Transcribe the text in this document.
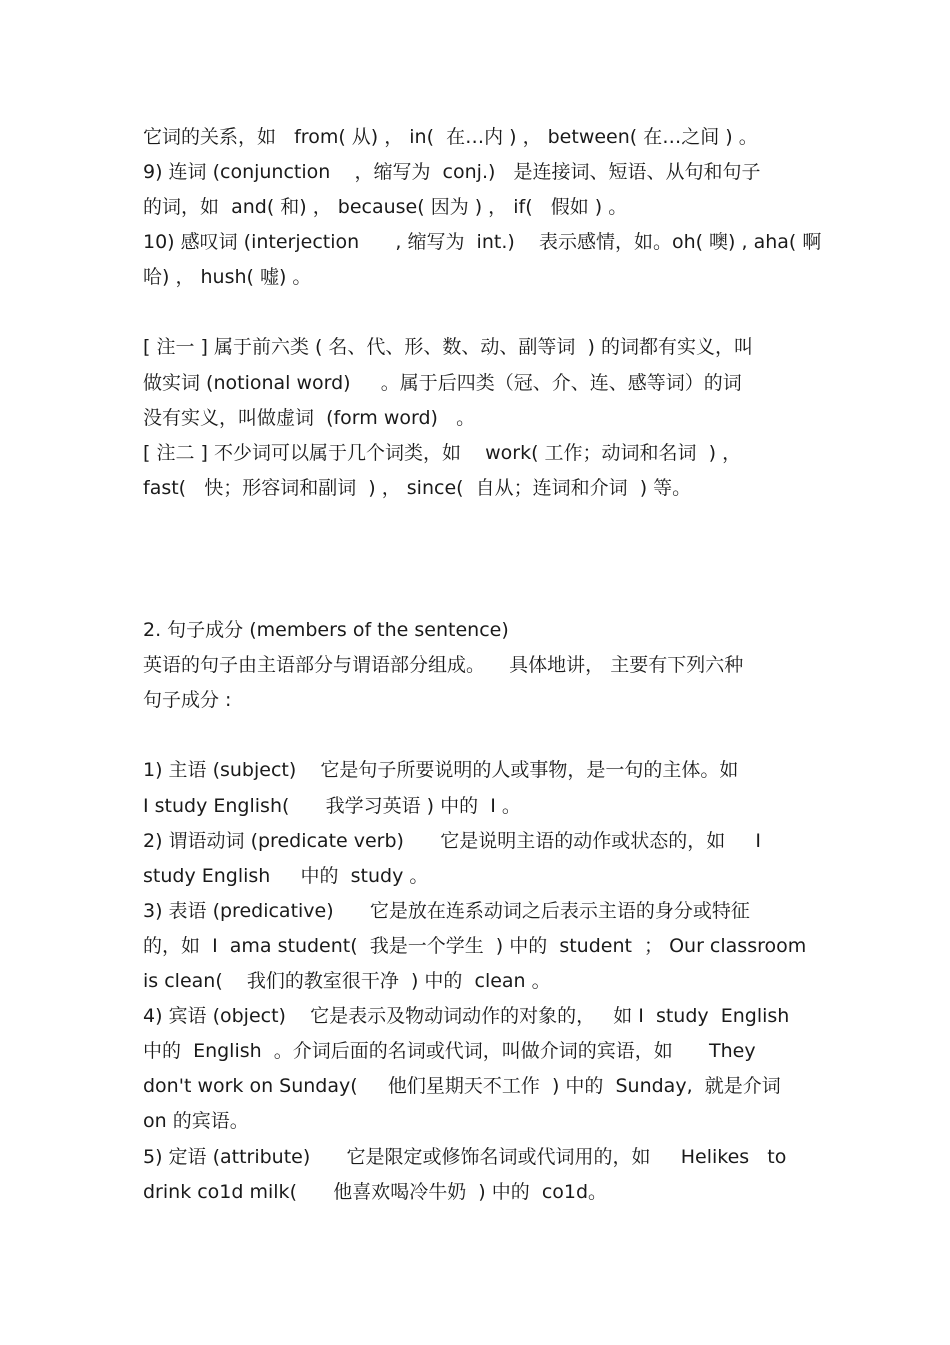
它词的关系，如   from( 从) ， in(  在…内 ) ， between( 在…之间 ) 。
9) 连词 (conjunction    ，缩写为  conj.)   是连接词、短语、从句和句子
的词，如  and( 和) ， because( 因为 ) ， if(   假如 ) 。
10) 感叹词 (interjection      , 缩写为  int.)    表示感情，如。oh( 噢) , aha( 啊
哈) ， hush( 嘘) 。
[ 注一 ] 属于前六类 ( 名、代、形、数、动、副等词  ) 的词都有实义，叫
做实词 (notional word)     。属于后四类（冠、介、连、感等词）的词
没有实义，叫做虚词  (form word)   。
[ 注二 ] 不少词可以属于几个词类，如    work( 工作；动词和名词  ) ，
fast(   快；形容词和副词  ) ， since(  自从；连词和介词  ) 等。
2. 句子成分 (members of the sentence)
英语的句子由主语部分与谓语部分组成。    具体地讲， 主要有下列六种
句子成分 :
1) 主语 (subject)    它是句子所要说明的人或事物，是一句的主体。如
I study English(      我学习英语 ) 中的  I 。
2) 谓语动词 (predicate verb)      它是说明主语的动作或状态的，如     I
study English     中的  study 。
3) 表语 (predicative)      它是放在连系动词之后表示主语的身分或特征
的，如  I  ama student(  我是一个学生  ) 中的  student  ； Our classroom
is clean(    我们的教室很干净  ) 中的  clean 。
4) 宾语 (object)    它是表示及物动词动作的对象的，   如 I  study  English
中的  English  。介词后面的名词或代词，叫做介词的宾语，如      They
don't work on Sunday(     他们星期天不工作  ) 中的  Sunday,  就是介词
on 的宾语。
5) 定语 (attribute)      它是限定或修饰名词或代词用的，如     Helikes   to
drink co1d milk(      他喜欢喝冷牛奶  ) 中的  co1d。
